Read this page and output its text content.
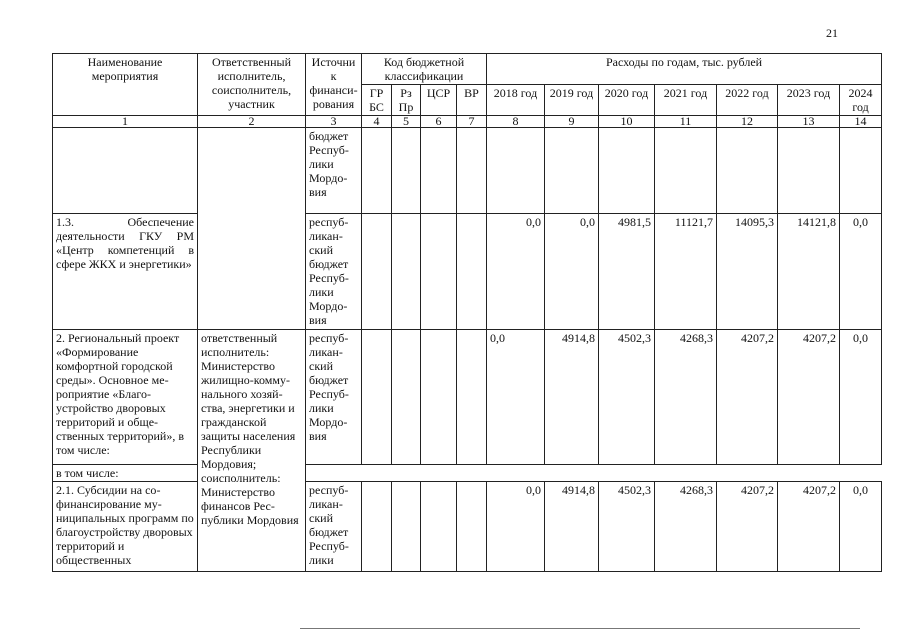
21
Наименование мероприятия	Ответственный исполнитель, соисполнитель, участник	Источник финансирования	Код бюджетной классификации				Расходы по годам, тыс. рублей						
			ГР БС	Рз Пр	ЦСР	ВР	2018 год	2019 год	2020 год	2021 год	2022 год	2023 год	2024 год
1	2	3	4	5	6	7	8	9	10	11	12	13	14
		бюджет Республики Мордовия											
1.3. Обеспечение деятельности ГКУ РМ «Центр компетенций в сфере ЖКХ и энергетики»		республиканский бюджет Республики Мордовия					0,0	0,0	4981,5	11121,7	14095,3	14121,8	0,0
2. Региональный проект «Формирование комфортной городской среды». Основное мероприятие «Благоустройство дворовых территорий и общественных территорий», в том числе:	ответственный исполнитель: Министерство жилищно-коммунального хозяйства, энергетики и гражданской защиты населения Республики Мордовия; соисполнитель: Министерство финансов Республики Мордовия	республиканский бюджет Республики Мордовия					0,0	4914,8	4502,3	4268,3	4207,2	4207,2	0,0
в том числе:													
2.1. Субсидии на софинансирование муниципальных программ по благоустройству дворовых территорий и общественных		республиканский бюджет Республики					0,0	4914,8	4502,3	4268,3	4207,2	4207,2	0,0
